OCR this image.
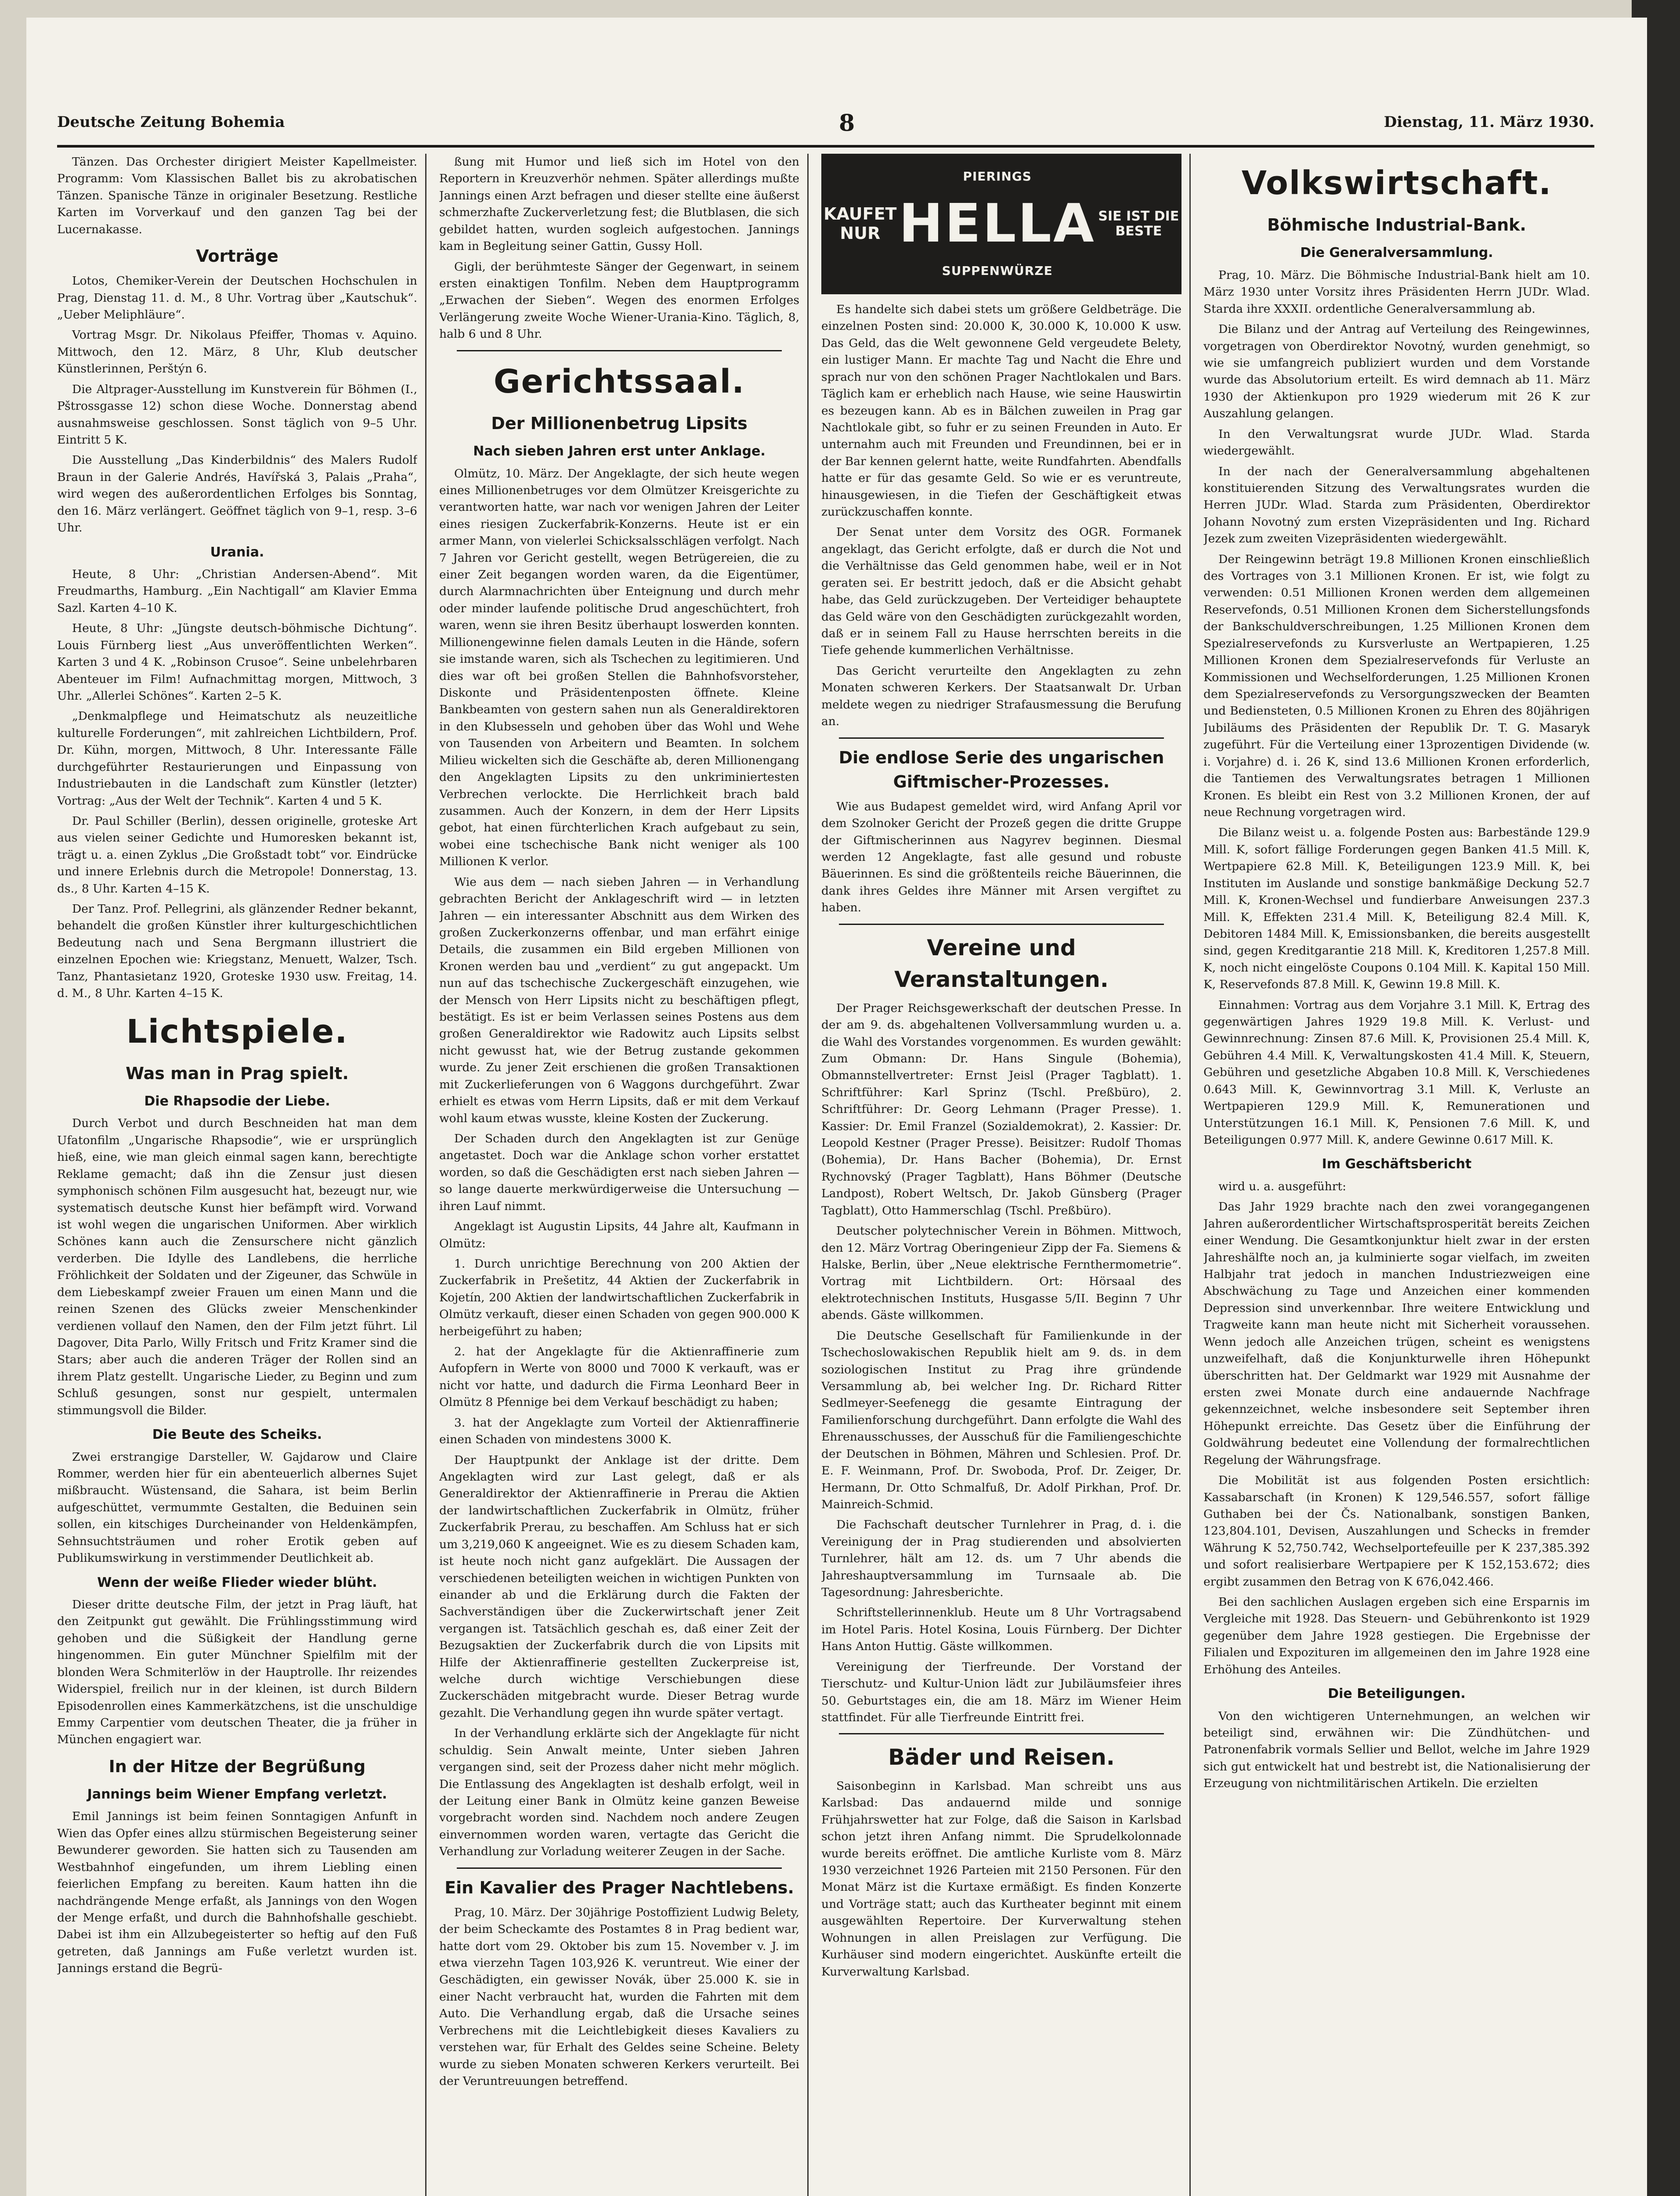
Deutsche Zeitung Bohemia	8	Dienstag, 11. März 1930.

Tänzen. Das Orchester dirigiert Meister Kapellmeister. Programm: Vom Klassischen Ballet bis zu akrobatischen Tänzen. Spanische Tänze in originaler Besetzung. Restliche Karten im Vorverkauf und den ganzen Tag bei der Lucernakasse.

Vorträge

Lotos, Chemiker-Verein der Deutschen Hochschulen in Prag, Dienstag 11. d. M., 8 Uhr. Vortrag über „Kautschuk“. „Ueber Meliphläure“.

Vortrag Msgr. Dr. Nikolaus Pfeiffer, Thomas v. Aquino. Mittwoch, den 12. März, 8 Uhr, Klub deutscher Künstlerinnen, Perštýn 6.

Die Altprager-Ausstellung im Kunstverein für Böhmen (I., Pštrossgasse 12) schon diese Woche. Donnerstag abend ausnahmsweise geschlossen. Sonst täglich von 9–5 Uhr. Eintritt 5 K.

Die Ausstellung „Das Kinderbildnis“ des Malers Rudolf Braun in der Galerie Andrés, Havířská 3, Palais „Praha“, wird wegen des außerordentlichen Erfolges bis Sonntag, den 16. März verlängert. Geöffnet täglich von 9–1, resp. 3–6 Uhr.

Urania.

Heute, 8 Uhr: „Christian Andersen-Abend“. Mit Freudmarths, Hamburg. „Ein Nachtigall“ am Klavier Emma Sazl. Karten 4–10 K.

Heute, 8 Uhr: „Jüngste deutsch-böhmische Dichtung“. Louis Fürnberg liest „Aus unveröffentlichten Werken“. Karten 3 und 4 K. „Robinson Crusoe“. Seine unbelehrbaren Abenteuer im Film! Aufnachmittag morgen, Mittwoch, 3 Uhr. „Allerlei Schönes“. Karten 2–5 K.

„Denkmalpflege und Heimatschutz als neuzeitliche kulturelle Forderungen“, mit zahlreichen Lichtbildern, Prof. Dr. Kühn, morgen, Mittwoch, 8 Uhr. Interessante Fälle durchgeführter Restaurierungen und Einpassung von Industriebauten in die Landschaft zum Künstler (letzter) Vortrag: „Aus der Welt der Technik“. Karten 4 und 5 K.

Dr. Paul Schiller (Berlin), dessen originelle, groteske Art aus vielen seiner Gedichte und Humoresken bekannt ist, trägt u. a. einen Zyklus „Die Großstadt tobt“ vor. Eindrücke und innere Erlebnis durch die Metropole! Donnerstag, 13. ds., 8 Uhr. Karten 4–15 K.

Der Tanz. Prof. Pellegrini, als glänzender Redner bekannt, behandelt die großen Künstler ihrer kulturgeschichtlichen Bedeutung nach und Sena Bergmann illustriert die einzelnen Epochen wie: Kriegstanz, Menuett, Walzer, Tsch. Tanz, Phantasietanz 1920, Groteske 1930 usw. Freitag, 14. d. M., 8 Uhr. Karten 4–15 K.

Lichtspiele.
Was man in Prag spielt.
Die Rhapsodie der Liebe.

Durch Verbot und durch Beschneiden hat man dem Ufatonfilm „Ungarische Rhapsodie“, wie er ursprünglich hieß, eine, wie man gleich einmal sagen kann, berechtigte Reklame gemacht; daß ihn die Zensur just diesen symphonisch schönen Film ausgesucht hat, bezeugt nur, wie systematisch deutsche Kunst hier befämpft wird. Vorwand ist wohl wegen die ungarischen Uniformen. Aber wirklich Schönes kann auch die Zensurschere nicht gänzlich verderben. Die Idylle des Landlebens, die herrliche Fröhlichkeit der Soldaten und der Zigeuner, das Schwüle in dem Liebeskampf zweier Frauen um einen Mann und die reinen Szenen des Glücks zweier Menschenkinder verdienen vollauf den Namen, den der Film jetzt führt. Lil Dagover, Dita Parlo, Willy Fritsch und Fritz Kramer sind die Stars; aber auch die anderen Träger der Rollen sind an ihrem Platz gestellt. Ungarische Lieder, zu Beginn und zum Schluß gesungen, sonst nur gespielt, untermalen stimmungsvoll die Bilder.

Die Beute des Scheiks.

Zwei erstrangige Darsteller, W. Gajdarow und Claire Rommer, werden hier für ein abenteuerlich albernes Sujet mißbraucht. Wüstensand, die Sahara, ist beim Berlin aufgeschüttet, vermummte Gestalten, die Beduinen sein sollen, ein kitschiges Durcheinander von Heldenkämpfen, Sehnsuchtsträumen und roher Erotik geben auf Publikumswirkung in verstimmender Deutlichkeit ab.

Wenn der weiße Flieder wieder blüht.

Dieser dritte deutsche Film, der jetzt in Prag läuft, hat den Zeitpunkt gut gewählt. Die Frühlingsstimmung wird gehoben und die Süßigkeit der Handlung gerne hingenommen. Ein guter Münchner Spielfilm mit der blonden Wera Schmiterlöw in der Hauptrolle. Ihr reizendes Widerspiel, freilich nur in der kleinen, ist durch Bildern Episodenrollen eines Kammerkätzchens, ist die unschuldige Emmy Carpentier vom deutschen Theater, die ja früher in München engagiert war.

In der Hitze der Begrüßung
Jannings beim Wiener Empfang verletzt.

Emil Jannings ist beim feinen Sonntagigen Anfunft in Wien das Opfer eines allzu stürmischen Begeisterung seiner Bewunderer geworden. Sie hatten sich zu Tausenden am Westbahnhof eingefunden, um ihrem Liebling einen feierlichen Empfang zu bereiten. Kaum hatten ihn die nachdrängende Menge erfaßt, als Jannings von den Wogen der Menge erfaßt, und durch die Bahnhofshalle geschiebt. Dabei ist ihm ein Allzubegeisterter so heftig auf den Fuß getreten, daß Jannings am Fuße verletzt wurden ist. Jannings erstand die Begrü-

ßung mit Humor und ließ sich im Hotel von den Reportern in Kreuzverhör nehmen. Später allerdings mußte Jannings einen Arzt befragen und dieser stellte eine äußerst schmerzhafte Zuckerverletzung fest; die Blutblasen, die sich gebildet hatten, wurden sogleich aufgestochen. Jannings kam in Begleitung seiner Gattin, Gussy Holl.

Gigli, der berühmteste Sänger der Gegenwart, in seinem ersten einaktigen Tonfilm. Neben dem Hauptprogramm „Erwachen der Sieben“. Wegen des enormen Erfolges Verlängerung zweite Woche Wiener-Urania-Kino. Täglich, 8, halb 6 und 8 Uhr.

Gerichtssaal.
Der Millionenbetrug Lipsits
Nach sieben Jahren erst unter Anklage.

Olmütz, 10. März. Der Angeklagte, der sich heute wegen eines Millionenbetruges vor dem Olmützer Kreisgerichte zu verantworten hatte, war nach vor wenigen Jahren der Leiter eines riesigen Zuckerfabrik-Konzerns. Heute ist er ein armer Mann, von vielerlei Schicksalsschlägen verfolgt. Nach 7 Jahren vor Gericht gestellt, wegen Betrügereien, die zu einer Zeit begangen worden waren, da die Eigentümer, durch Alarmnachrichten über Enteignung und durch mehr oder minder laufende politische Drud angeschüchtert, froh waren, wenn sie ihren Besitz überhaupt loswerden konnten. Millionengewinne fielen damals Leuten in die Hände, sofern sie imstande waren, sich als Tschechen zu legitimieren. Und dies war oft bei großen Stellen die Bahnhofsvorsteher, Diskonte und Präsidentenposten öffnete. Kleine Bankbeamten von gestern sahen nun als Generaldirektoren in den Klubsesseln und gehoben über das Wohl und Wehe von Tausenden von Arbeitern und Beamten. In solchem Milieu wickelten sich die Geschäfte ab, deren Millionengang den Angeklagten Lipsits zu den unkriminiertesten Verbrechen verlockte. Die Herrlichkeit brach bald zusammen. Auch der Konzern, in dem der Herr Lipsits gebot, hat einen fürchterlichen Krach aufgebaut zu sein, wobei eine tschechische Bank nicht weniger als 100 Millionen K verlor.

Wie aus dem — nach sieben Jahren — in Verhandlung gebrachten Bericht der Anklageschrift wird — in letzten Jahren — ein interessanter Abschnitt aus dem Wirken des großen Zuckerkonzerns offenbar, und man erfährt einige Details, die zusammen ein Bild ergeben Millionen von Kronen werden bau und „verdient“ zu gut angepackt. Um nun auf das tschechische Zuckergeschäft einzugehen, wie der Mensch von Herr Lipsits nicht zu beschäftigen pflegt, bestätigt. Es ist er beim Verlassen seines Postens aus dem großen Generaldirektor wie Radowitz auch Lipsits selbst nicht gewusst hat, wie der Betrug zustande gekommen wurde. Zu jener Zeit erschienen die großen Transaktionen mit Zuckerlieferungen von 6 Waggons durchgeführt. Zwar erhielt es etwas vom Herrn Lipsits, daß er mit dem Verkauf wohl kaum etwas wusste, kleine Kosten der Zuckerung.

Der Schaden durch den Angeklagten ist zur Genüge angetastet. Doch war die Anklage schon vorher erstattet worden, so daß die Geschädigten erst nach sieben Jahren — so lange dauerte merkwürdigerweise die Untersuchung — ihren Lauf nimmt.

Angeklagt ist Augustin Lipsits, 44 Jahre alt, Kaufmann in Olmütz:

1. Durch unrichtige Berechnung von 200 Aktien der Zuckerfabrik in Prešetitz, 44 Aktien der Zuckerfabrik in Kojetín, 200 Aktien der landwirtschaftlichen Zuckerfabrik in Olmütz verkauft, dieser einen Schaden von gegen 900.000 K herbeigeführt zu haben;

2. hat der Angeklagte für die Aktienraffinerie zum Aufopfern in Werte von 8000 und 7000 K verkauft, was er nicht vor hatte, und dadurch die Firma Leonhard Beer in Olmütz 8 Pfennige bei dem Verkauf beschädigt zu haben;

3. hat der Angeklagte zum Vorteil der Aktienraffinerie einen Schaden von mindestens 3000 K.

Der Hauptpunkt der Anklage ist der dritte. Dem Angeklagten wird zur Last gelegt, daß er als Generaldirektor der Aktienraffinerie in Prerau die Aktien der landwirtschaftlichen Zuckerfabrik in Olmütz, früher Zuckerfabrik Prerau, zu beschaffen. Am Schluss hat er sich um 3,219,060 K angeeignet. Wie es zu diesem Schaden kam, ist heute noch nicht ganz aufgeklärt. Die Aussagen der verschiedenen beteiligten weichen in wichtigen Punkten von einander ab und die Erklärung durch die Fakten der Sachverständigen über die Zuckerwirtschaft jener Zeit vergangen ist. Tatsächlich geschah es, daß einer Zeit der Bezugsaktien der Zuckerfabrik durch die von Lipsits mit Hilfe der Aktienraffinerie gestellten Zuckerpreise ist, welche durch wichtige Verschiebungen diese Zuckerschäden mitgebracht wurde. Dieser Betrag wurde gezahlt. Die Verhandlung gegen ihn wurde später vertagt.

In der Verhandlung erklärte sich der Angeklagte für nicht schuldig. Sein Anwalt meinte, Unter sieben Jahren vergangen sind, seit der Prozess daher nicht mehr möglich. Die Entlassung des Angeklagten ist deshalb erfolgt, weil in der Leitung einer Bank in Olmütz keine ganzen Beweise vorgebracht worden sind. Nachdem noch andere Zeugen einvernommen worden waren, vertagte das Gericht die Verhandlung zur Vorladung weiterer Zeugen in der Sache.

Ein Kavalier des Prager Nachtlebens.

Prag, 10. März. Der 30jährige Postoffizient Ludwig Belety, der beim Scheckamte des Postamtes 8 in Prag bedient war, hatte dort vom 29. Oktober bis zum 15. November v. J. im etwa vierzehn Tagen 103,926 K. veruntreut. Wie einer der Geschädigten, ein gewisser Novák, über 25.000 K. sie in einer Nacht verbraucht hat, wurden die Fahrten mit dem Auto. Die Verhandlung ergab, daß die Ursache seines Verbrechens mit die Leichtlebigkeit dieses Kavaliers zu verstehen war, für Erhalt des Geldes seine Scheine. Belety wurde zu sieben Monaten schweren Kerkers verurteilt. Bei der Veruntreuungen betreffend.

KAUFET NUR
PIERINGS
HELLA
SUPPENWÜRZE
SIE IST DIE BESTE

Es handelte sich dabei stets um größere Geldbeträge. Die einzelnen Posten sind: 20.000 K, 30.000 K, 10.000 K usw. Das Geld, das die Welt gewonnene Geld vergeudete Belety, ein lustiger Mann. Er machte Tag und Nacht die Ehre und sprach nur von den schönen Prager Nachtlokalen und Bars. Täglich kam er erheblich nach Hause, wie seine Hauswirtin es bezeugen kann. Ab es in Bälchen zuweilen in Prag gar Nachtlokale gibt, so fuhr er zu seinen Freunden in Auto. Er unternahm auch mit Freunden und Freundinnen, bei er in der Bar kennen gelernt hatte, weite Rundfahrten. Abendfalls hatte er für das gesamte Geld. So wie er es veruntreute, hinausgewiesen, in die Tiefen der Geschäftigkeit etwas zurückzuschaffen konnte.

Der Senat unter dem Vorsitz des OGR. Formanek angeklagt, das Gericht erfolgte, daß er durch die Not und die Verhältnisse das Geld genommen habe, weil er in Not geraten sei. Er bestritt jedoch, daß er die Absicht gehabt habe, das Geld zurückzugeben. Der Verteidiger behauptete das Geld wäre von den Geschädigten zurückgezahlt worden, daß er in seinem Fall zu Hause herrschten bereits in die Tiefe gehende kummerlichen Verhältnisse.

Das Gericht verurteilte den Angeklagten zu zehn Monaten schweren Kerkers. Der Staatsanwalt Dr. Urban meldete wegen zu niedriger Strafausmessung die Berufung an.

Die endlose Serie des ungarischen Giftmischer-Prozesses.

Wie aus Budapest gemeldet wird, wird Anfang April vor dem Szolnoker Gericht der Prozeß gegen die dritte Gruppe der Giftmischerinnen aus Nagyrev beginnen. Diesmal werden 12 Angeklagte, fast alle gesund und robuste Bäuerinnen. Es sind die größtenteils reiche Bäuerinnen, die dank ihres Geldes ihre Männer mit Arsen vergiftet zu haben.

Vereine und Veranstaltungen.

Der Prager Reichsgewerkschaft der deutschen Presse. In der am 9. ds. abgehaltenen Vollversammlung wurden u. a. die Wahl des Vorstandes vorgenommen. Es wurden gewählt: Zum Obmann: Dr. Hans Singule (Bohemia), Obmannstellvertreter: Ernst Jeisl (Prager Tagblatt). 1. Schriftführer: Karl Sprinz (Tschl. Preßbüro), 2. Schriftführer: Dr. Georg Lehmann (Prager Presse). 1. Kassier: Dr. Emil Franzel (Sozialdemokrat), 2. Kassier: Dr. Leopold Kestner (Prager Presse). Beisitzer: Rudolf Thomas (Bohemia), Dr. Hans Bacher (Bohemia), Dr. Ernst Rychnovský (Prager Tagblatt), Hans Böhmer (Deutsche Landpost), Robert Weltsch, Dr. Jakob Günsberg (Prager Tagblatt), Otto Hammerschlag (Tschl. Preßbüro).

Deutscher polytechnischer Verein in Böhmen. Mittwoch, den 12. März Vortrag Oberingenieur Zipp der Fa. Siemens & Halske, Berlin, über „Neue elektrische Fernthermometrie“. Vortrag mit Lichtbildern. Ort: Hörsaal des elektrotechnischen Instituts, Husgasse 5/II. Beginn 7 Uhr abends. Gäste willkommen.

Die Deutsche Gesellschaft für Familienkunde in der Tschechoslowakischen Republik hielt am 9. ds. in dem soziologischen Institut zu Prag ihre gründende Versammlung ab, bei welcher Ing. Dr. Richard Ritter Sedlmeyer-Seefenegg die gesamte Eintragung der Familienforschung durchgeführt. Dann erfolgte die Wahl des Ehrenausschusses, der Ausschuß für die Familiengeschichte der Deutschen in Böhmen, Mähren und Schlesien. Prof. Dr. E. F. Weinmann, Prof. Dr. Swoboda, Prof. Dr. Zeiger, Dr. Hermann, Dr. Otto Schmalfuß, Dr. Adolf Pirkhan, Prof. Dr. Mainreich-Schmid.

Die Fachschaft deutscher Turnlehrer in Prag, d. i. die Vereinigung der in Prag studierenden und absolvierten Turnlehrer, hält am 12. ds. um 7 Uhr abends die Jahreshauptversammlung im Turnsaale ab. Die Tagesordnung: Jahresberichte.

Schriftstellerinnenklub. Heute um 8 Uhr Vortragsabend im Hotel Paris. Hotel Kosina, Louis Fürnberg. Der Dichter Hans Anton Huttig. Gäste willkommen.

Vereinigung der Tierfreunde. Der Vorstand der Tierschutz- und Kultur-Union lädt zur Jubiläumsfeier ihres 50. Geburtstages ein, die am 18. März im Wiener Heim stattfindet. Für alle Tierfreunde Eintritt frei.

Bäder und Reisen.

Saisonbeginn in Karlsbad. Man schreibt uns aus Karlsbad: Das andauernd milde und sonnige Frühjahrswetter hat zur Folge, daß die Saison in Karlsbad schon jetzt ihren Anfang nimmt. Die Sprudelkolonnade wurde bereits eröffnet. Die amtliche Kurliste vom 8. März 1930 verzeichnet 1926 Parteien mit 2150 Personen. Für den Monat März ist die Kurtaxe ermäßigt. Es finden Konzerte und Vorträge statt; auch das Kurtheater beginnt mit einem ausgewählten Repertoire. Der Kurverwaltung stehen Wohnungen in allen Preislagen zur Verfügung. Die Kurhäuser sind modern eingerichtet. Auskünfte erteilt die Kurverwaltung Karlsbad.

Volkswirtschaft.
Böhmische Industrial-Bank.
Die Generalversammlung.

Prag, 10. März. Die Böhmische Industrial-Bank hielt am 10. März 1930 unter Vorsitz ihres Präsidenten Herrn JUDr. Wlad. Starda ihre XXXII. ordentliche Generalversammlung ab.

Die Bilanz und der Antrag auf Verteilung des Reingewinnes, vorgetragen von Oberdirektor Novotný, wurden genehmigt, so wie sie umfangreich publiziert wurden und dem Vorstande wurde das Absolutorium erteilt. Es wird demnach ab 11. März 1930 der Aktienkupon pro 1929 wiederum mit 26 K zur Auszahlung gelangen.

In den Verwaltungsrat wurde JUDr. Wlad. Starda wiedergewählt.

In der nach der Generalversammlung abgehaltenen konstituierenden Sitzung des Verwaltungsrates wurden die Herren JUDr. Wlad. Starda zum Präsidenten, Oberdirektor Johann Novotný zum ersten Vizepräsidenten und Ing. Richard Jezek zum zweiten Vizepräsidenten wiedergewählt.

Der Reingewinn beträgt 19.8 Millionen Kronen einschließlich des Vortrages von 3.1 Millionen Kronen. Er ist, wie folgt zu verwenden: 0.51 Millionen Kronen werden dem allgemeinen Reservefonds, 0.51 Millionen Kronen dem Sicherstellungsfonds der Bankschuldverschreibungen, 1.25 Millionen Kronen dem Spezialreservefonds zu Kursverluste an Wertpapieren, 1.25 Millionen Kronen dem Spezialreservefonds für Verluste an Kommissionen und Wechselforderungen, 1.25 Millionen Kronen dem Spezialreservefonds zu Versorgungszwecken der Beamten und Bediensteten, 0.5 Millionen Kronen zu Ehren des 80jährigen Jubiläums des Präsidenten der Republik Dr. T. G. Masaryk zugeführt. Für die Verteilung einer 13prozentigen Dividende (w. i. Vorjahre) d. i. 26 K, sind 13.6 Millionen Kronen erforderlich, die Tantiemen des Verwaltungsrates betragen 1 Millionen Kronen. Es bleibt ein Rest von 3.2 Millionen Kronen, der auf neue Rechnung vorgetragen wird.

Die Bilanz weist u. a. folgende Posten aus: Barbestände 129.9 Mill. K, sofort fällige Forderungen gegen Banken 41.5 Mill. K, Wertpapiere 62.8 Mill. K, Beteiligungen 123.9 Mill. K, bei Instituten im Auslande und sonstige bankmäßige Deckung 52.7 Mill. K, Kronen-Wechsel und fundierbare Anweisungen 237.3 Mill. K, Effekten 231.4 Mill. K, Beteiligung 82.4 Mill. K, Debitoren 1484 Mill. K, Emissionsbanken, die bereits ausgestellt sind, gegen Kreditgarantie 218 Mill. K, Kreditoren 1,257.8 Mill. K, noch nicht eingelöste Coupons 0.104 Mill. K. Kapital 150 Mill. K, Reservefonds 87.8 Mill. K, Gewinn 19.8 Mill. K.

Einnahmen: Vortrag aus dem Vorjahre 3.1 Mill. K, Ertrag des gegenwärtigen Jahres 1929 19.8 Mill. K. Verlust- und Gewinnrechnung: Zinsen 87.6 Mill. K, Provisionen 25.4 Mill. K, Gebühren 4.4 Mill. K, Verwaltungskosten 41.4 Mill. K, Steuern, Gebühren und gesetzliche Abgaben 10.8 Mill. K, Verschiedenes 0.643 Mill. K, Gewinnvortrag 3.1 Mill. K, Verluste an Wertpapieren 129.9 Mill. K, Remunerationen und Unterstützungen 16.1 Mill. K, Pensionen 7.6 Mill. K, und Beteiligungen 0.977 Mill. K, andere Gewinne 0.617 Mill. K.

Im Geschäftsbericht

wird u. a. ausgeführt:

Das Jahr 1929 brachte nach den zwei vorangegangenen Jahren außerordentlicher Wirtschaftsprosperität bereits Zeichen einer Wendung. Die Gesamtkonjunktur hielt zwar in der ersten Jahreshälfte noch an, ja kulminierte sogar vielfach, im zweiten Halbjahr trat jedoch in manchen Industriezweigen eine Abschwächung zu Tage und Anzeichen einer kommenden Depression sind unverkennbar. Ihre weitere Entwicklung und Tragweite kann man heute nicht mit Sicherheit voraussehen. Wenn jedoch alle Anzeichen trügen, scheint es wenigstens unzweifelhaft, daß die Konjunkturwelle ihren Höhepunkt überschritten hat. Der Geldmarkt war 1929 mit Ausnahme der ersten zwei Monate durch eine andauernde Nachfrage gekennzeichnet, welche insbesondere seit September ihren Höhepunkt erreichte. Das Gesetz über die Einführung der Goldwährung bedeutet eine Vollendung der formalrechtlichen Regelung der Währungsfrage.

Die Mobilität ist aus folgenden Posten ersichtlich: Kassabarschaft (in Kronen) K 129,546.557, sofort fällige Guthaben bei der Čs. Nationalbank, sonstigen Banken, 123,804.101, Devisen, Auszahlungen und Schecks in fremder Währung K 52,750.742, Wechselportefeuille per K 237,385.392 und sofort realisierbare Wertpapiere per K 152,153.672; dies ergibt zusammen den Betrag von K 676,042.466.

Bei den sachlichen Auslagen ergeben sich eine Ersparnis im Vergleiche mit 1928. Das Steuern- und Gebührenkonto ist 1929 gegenüber dem Jahre 1928 gestiegen. Die Ergebnisse der Filialen und Expozituren im allgemeinen den im Jahre 1928 eine Erhöhung des Anteiles.

Die Beteiligungen.

Von den wichtigeren Unternehmungen, an welchen wir beteiligt sind, erwähnen wir: Die Zündhütchen- und Patronenfabrik vormals Sellier und Bellot, welche im Jahre 1929 sich gut entwickelt hat und bestrebt ist, die Nationalisierung der Erzeugung von nichtmilitärischen Artikeln. Die erzielten
